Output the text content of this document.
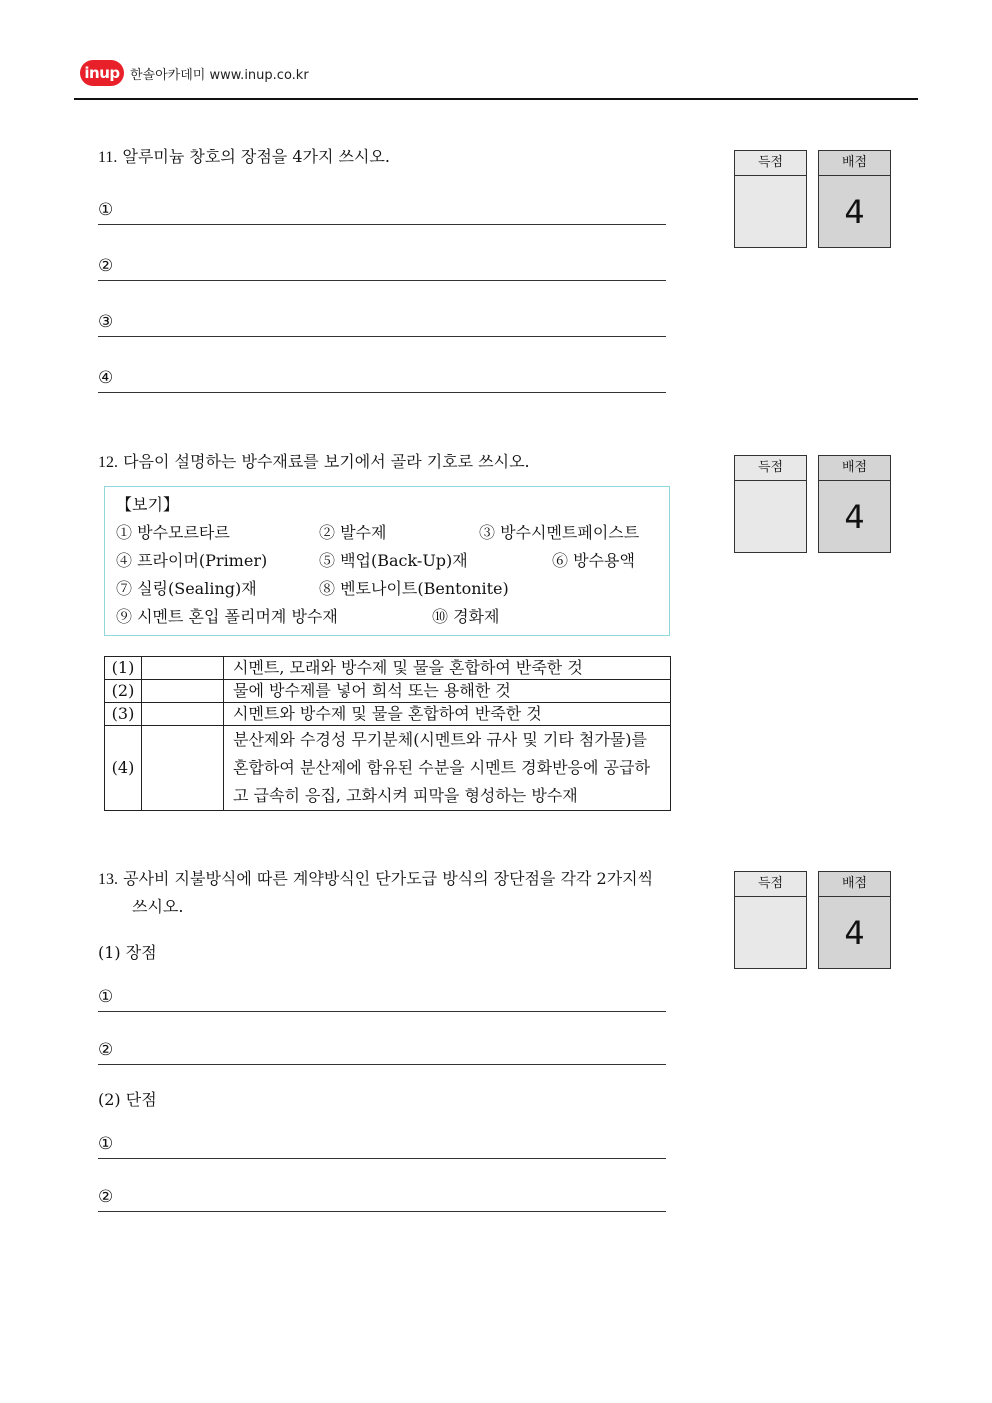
inup 한솔아카데미 www.inup.co.kr
11. 알루미늄 창호의 장점을 4가지 쓰시오.
①
②
③
④
득점	배점
4
12. 다음이 설명하는 방수재료를 보기에서 골라 기호로 쓰시오.	득점	배점
4
【보기】
① 방수모르타르	② 발수제	③ 방수시멘트페이스트
④ 프라이머(Primer)	⑤ 백업(Back-Up)재	⑥ 방수용액
⑦ 실링(Sealing)재	⑧ 벤토나이트(Bentonite)
⑨ 시멘트 혼입 폴리머계 방수재	⑩ 경화제
(1)		시멘트, 모래와 방수제 및 물을 혼합하여 반죽한 것
(2)		물에 방수제를 넣어 희석 또는 용해한 것
(3)		시멘트와 방수제 및 물을 혼합하여 반죽한 것
(4)		분산제와 수경성 무기분체(시멘트와 규사 및 기타 첨가물)를 혼합하여 분산제에 함유된 수분을 시멘트 경화반응에 공급하고 급속히 응집, 고화시켜 피막을 형성하는 방수재
13. 공사비 지불방식에 따른 계약방식인 단가도급 방식의 장단점을 각각 2가지씩
쓰시오.
득점	배점
4
(1) 장점
①
②
(2) 단점
①
②
